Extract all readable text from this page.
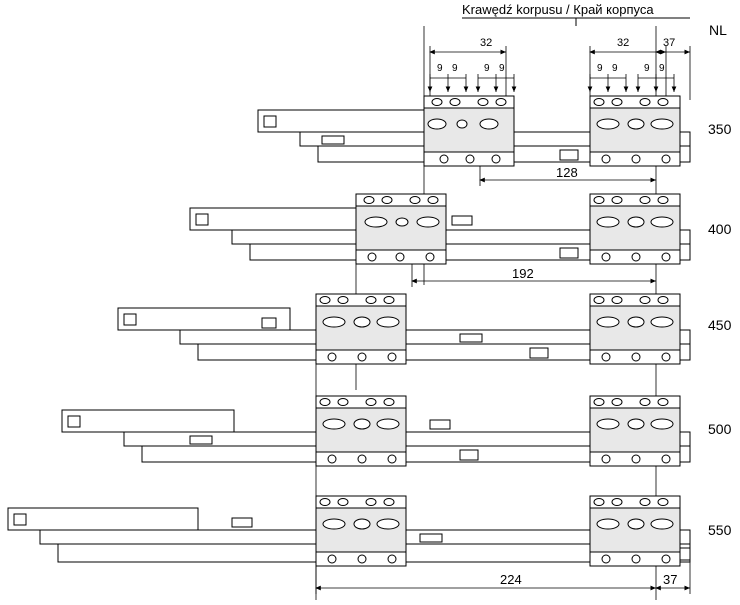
Krawędź korpusu / Край корпуса
NL
350
400
450
500
550
32	32	37
9 9	9 9	9 9	9 9
128
192
224	37
